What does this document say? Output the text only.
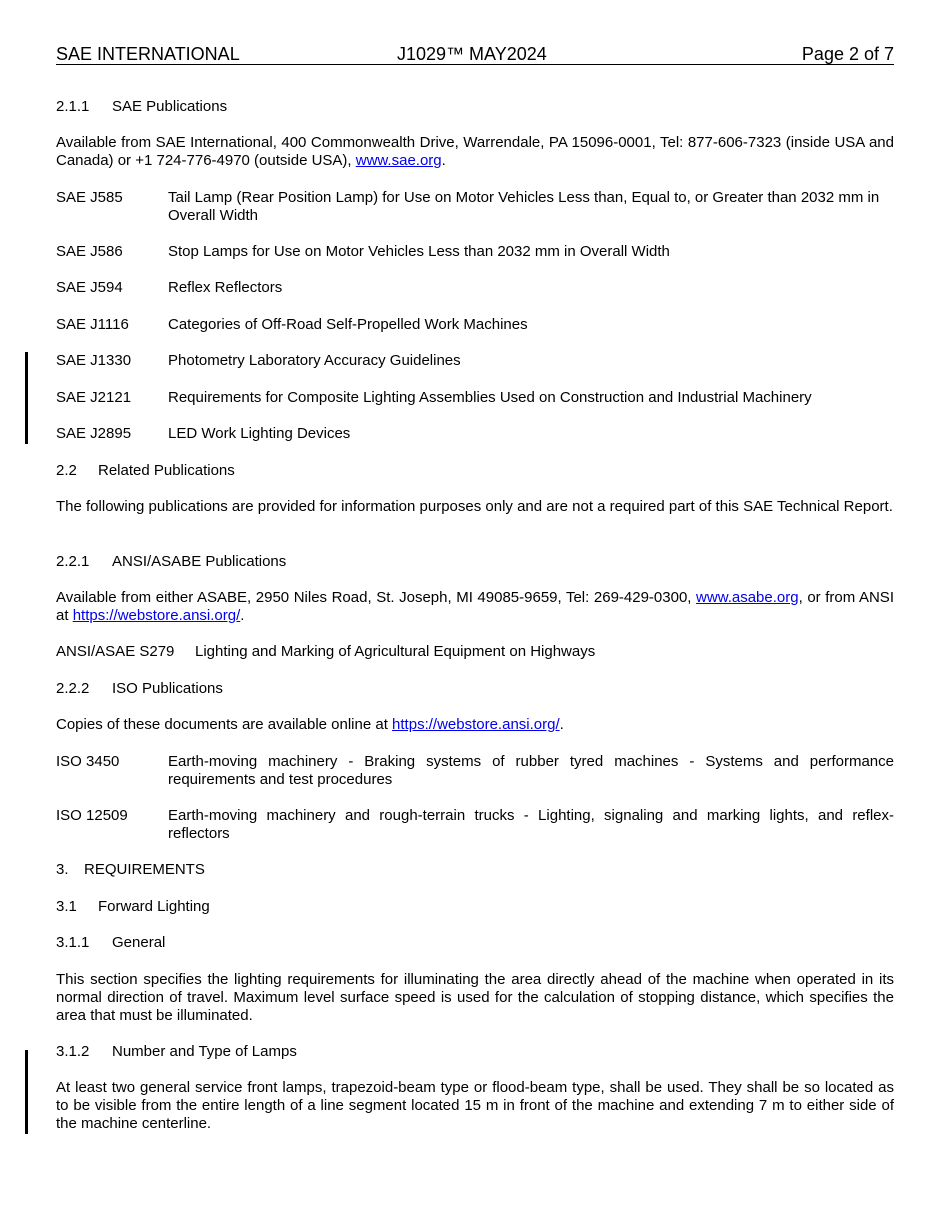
SAE INTERNATIONAL	J1029™ MAY2024	Page 2 of 7
2.1.1 SAE Publications
Available from SAE International, 400 Commonwealth Drive, Warrendale, PA 15096-0001, Tel: 877-606-7323 (inside USA and Canada) or +1 724-776-4970 (outside USA), www.sae.org.
SAE J585	Tail Lamp (Rear Position Lamp) for Use on Motor Vehicles Less than, Equal to, or Greater than 2032 mm in Overall Width
SAE J586	Stop Lamps for Use on Motor Vehicles Less than 2032 mm in Overall Width
SAE J594	Reflex Reflectors
SAE J1116	Categories of Off-Road Self-Propelled Work Machines
SAE J1330 Photometry Laboratory Accuracy Guidelines
SAE J2121 Requirements for Composite Lighting Assemblies Used on Construction and Industrial Machinery
SAE J2895 LED Work Lighting Devices
2.2 Related Publications
The following publications are provided for information purposes only and are not a required part of this SAE Technical Report.
2.2.1 ANSI/ASABE Publications
Available from either ASABE, 2950 Niles Road, St. Joseph, MI 49085-9659, Tel: 269-429-0300, www.asabe.org, or from ANSI at https://webstore.ansi.org/.
ANSI/ASAE S279 Lighting and Marking of Agricultural Equipment on Highways
2.2.2 ISO Publications
Copies of these documents are available online at https://webstore.ansi.org/.
ISO 3450	Earth-moving machinery - Braking systems of rubber tyred machines - Systems and performance requirements and test procedures
ISO 12509	Earth-moving machinery and rough-terrain trucks - Lighting, signaling and marking lights, and reflex-reflectors
3. REQUIREMENTS
3.1 Forward Lighting
3.1.1 General
This section specifies the lighting requirements for illuminating the area directly ahead of the machine when operated in its normal direction of travel. Maximum level surface speed is used for the calculation of stopping distance, which specifies the area that must be illuminated.
3.1.2 Number and Type of Lamps
At least two general service front lamps, trapezoid-beam type or flood-beam type, shall be used. They shall be so located as to be visible from the entire length of a line segment located 15 m in front of the machine and extending 7 m to either side of the machine centerline.
